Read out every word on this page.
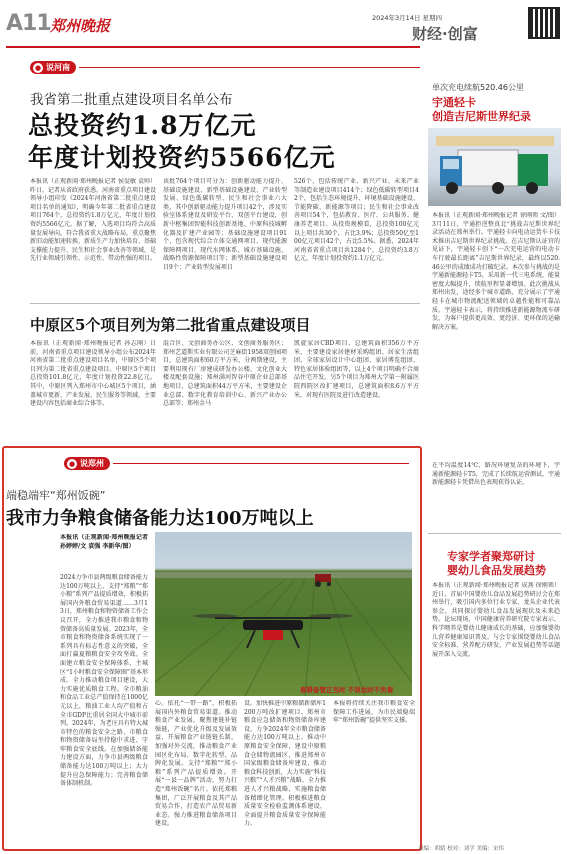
A11 郑州晚报	2024年3月14日 星期四
财经·创富
● 说河南
我省第二批重点建设项目名单公布
总投资约1.8万亿元
年度计划投资约5566亿元
本报讯（正观新闻·郑州晚报记者 侯爱敏 袁帅）昨日，记者从省政府获悉，河南省重点项目建设领导小组印发《2024年河南省第二批重点建设项目名单的通知》，明确今年第二批省重点建设项目764个，总投资约1.8万亿元，年度计划投资约5566亿元。据了解，入选项目均符合高质量发展导向，符合我省重大战略布局，重点聚焦新旧动能加速转换、新质生产力加快培育、基础支撑能力提升、民生和社会事业改善等领域，是先行业领域引领性、示范性、带动性强的项目。
该批764个项目可分为：创新驱动能力提升、基础设施建设、新型基础设施建设、产业转型发展、绿色低碳转型、民生和社会事业六大类，其中创新驱动能力提升项目42个，涉及实验室体系建设及研发平台、双创平台建设，创新中枢集团智能科技创新基地、中原科技城孵化器及扩建产业园等；基础设施建设项目91个，包含现代综合立体交通网项目、现代能源保障网项目、现代水网体系、城市基础设施、战略性资源保障项目等；新型基础设施建设项目9个；产业转型发展项目
526个，包括传统产业、新兴产业、未来产业等制造业建设项目414个；绿色低碳转型项目42个，包括生态环境提升、环境基础设施建设、节能降碳、新能源等项目；民生和社会事业改善项目54个，包括教育、医疗、公共服务、健康养老项目。从投资规模看，总投资100亿元以上项目共30个，占比3.9%；总投资50亿至100亿元项目42个，占比5.5%。据悉，2024年河南省省重点项目共1284个，总投资约3.8万亿元，年度计划投资约1.1万亿元。
中原区5个项目列为第二批省重点建设项目
本报讯（正观新闻·郑州晚报记者 孙志刚）日前，河南省重点项目建设领导小组公布2024年河南省第二批重点建设项目名单，中原区5个项目列为第二批省重点建设项目。中原区5个项目总投资101.8亿元，年度计划投资22.8亿元。其中，中原区列入郑州市中心城区5个项目，涵盖城市更新、产业发展、民生服务等领域，主要建设内容包括商业综合体等。
混合区、文创商务办公区、文创商务服务区；郑州艺道斯实业有限公司芝麻街1958双创园项目，总建筑面积60万平方米，分两期建设，主要利用现有厂房建成研发办公楼、文化创业大楼及配套设施；郑州满河智谷中原企业总部基地项目，总建筑面积44万平方米，主要建设企业总部、数字化教育培训中心、新兴产业办公总部等；郑州金马
凯旋家居CBD项目，总建筑面积356万平方米，主要建设家居建材采购组团、居家生活组团、全球家居设计中心组团、家居博览组团、特色家居体验组团等，以上4个项目明确不合商品住宅开发。另5个项目为郑州大学第一附属医院西院区改扩建项目，总建筑面积8.6万平方米，对现有医院及进行改造建设。
● 说郑州
端稳端牢“郑州饭碗”
我市力争粮食储备能力达100万吨以上
本报讯（正观新闻·郑州晚报记者 孙婷婷/文 袁强 李新华/图）
2024力争市县两级粮食储备能力达100万吨以上，支持“郑粮”“郑小粮”系列产品提质增效，积极拓展国内外粮食贸易渠道……3月13日，郑州粮食和物资储备工作会议召开，全力推进我市粮食和物资储备高质量发展。2023年，全市粮食和物资储备系统实现了一系列具有标志性意义的突破，全面打赢夏粮粮食安全攻坚战。全面建立粮食安全保障体系，主城区“1小时粮食安全保障圈”基本形成。全力推动粮食项目建设，大力实施优质粮食工程。全市粮油和食品工业总产值保持在1000亿元以上，粮油工业人均产值和占全市GDP比重居全国大中城市前列。2024年，为老庄具有特大城市特色的粮食安全之路，市粮食和物资储备局坐持稳中求进、守牢粮食安全底线。在加强储备能力建设方面，力争市县两级粮食储备能力达100万吨以上；大力提升应急保障能力；完善粮食储备体制机制。
春耕备管正当时 不误农时不负春
心。依托“一带一路”，积极拓展国内外粮食贸易渠道。推动粮食产业发展，聚焦建链补链强链，产业优化升级及发展效益，开展粮食产业链链长制，加强对外交流，推动粮食产业园区化布局、数字化转型、品牌化发展。支持“郑粮”“郑小粮”系列产品提质增效。开展“一县一品牌”活动，努力打造“郑州饭碗”名片。依托郑粮集团，广泛开展粮食及其产品贸易合作，打造农产品贸易新业态。强力推进粮食储备项目建设。
设。加快推进中原粮储新储库1200万吨改扩建项目、郑州市粮食应急储备和物资储备库建设，力争2024年全市粮食储备能力达100万吨以上。推动中原粮食安全保障，建设中原粮食仓储物流园区，推进郑州市国家级粮食储备库建设，推动粮食科技创新，大力实施“科技兴粮”“人才兴粮”战略。全力推进人才兴粮战略，实施粮食储备精细化管理。积极推进粮食质量安全检验监测体系建设，全面提升粮食质量安全保障能力。
本报将持续关注我市粮食安全保障工作进展，为市民端稳端牢“郑州饭碗”提供坚实支撑。
单次充电续航520.46公里
宇通轻卡
创造吉尼斯世界纪录
本报讯（正观新闻·郑州晚报记者 徐刚领 文/图）3月11日，宇通拒逆整真北“挑战吉尼斯世界纪录活动在郑州举行。宇通轻卡向电动运货车卡技术推出吉尼斯世界纪录挑战。在吉尼斯认证官的见证下，宇通轻卡创下“一次充电运营的电动卡车行驶最长距离”吉尼斯世界纪录，最终以520.46公里的成绩成功打破纪录。本次参与挑战的是宇通新能源轻卡T5，采用新一代三电系统，能量密度大幅提升，续航里程显著增加。此次挑战从郑州出发，途经多个城市道路，充分展示了宇通轻卡在城市物流配送领域的卓越性能和可靠品质。宇通轻卡表示，将持续推进新能源物流车研发，为客户提供更高效、更经济、更环保的运输解决方案。
在平均温度14℃、路况环境复杂的环境下，宇通新能源轻卡T5，完成了长续航运营测试。宇通新能源轻卡凭借出色表现获得认证。
专家学者聚郑研讨
婴幼儿食品发展趋势
本报讯（正观新闻·郑州晚报记者 成燕 徐刚领）近日，首届中国婴幼儿食品发展趋势研讨会在郑州举行，吸引国内多位行业专家、龙头企业代表参会，共同探讨婴幼儿食品发展现状及未来趋势。论坛现场，中国健康营养研究院专家表示，科学喂养是婴幼儿健康成长的基础，应加强婴幼儿营养健康知识普及。与会专家围绕婴幼儿食品安全标准、营养配方研发、产业发展趋势等话题展开深入交流。
责编：胡婧 校对：刘学 美编：宋伟
